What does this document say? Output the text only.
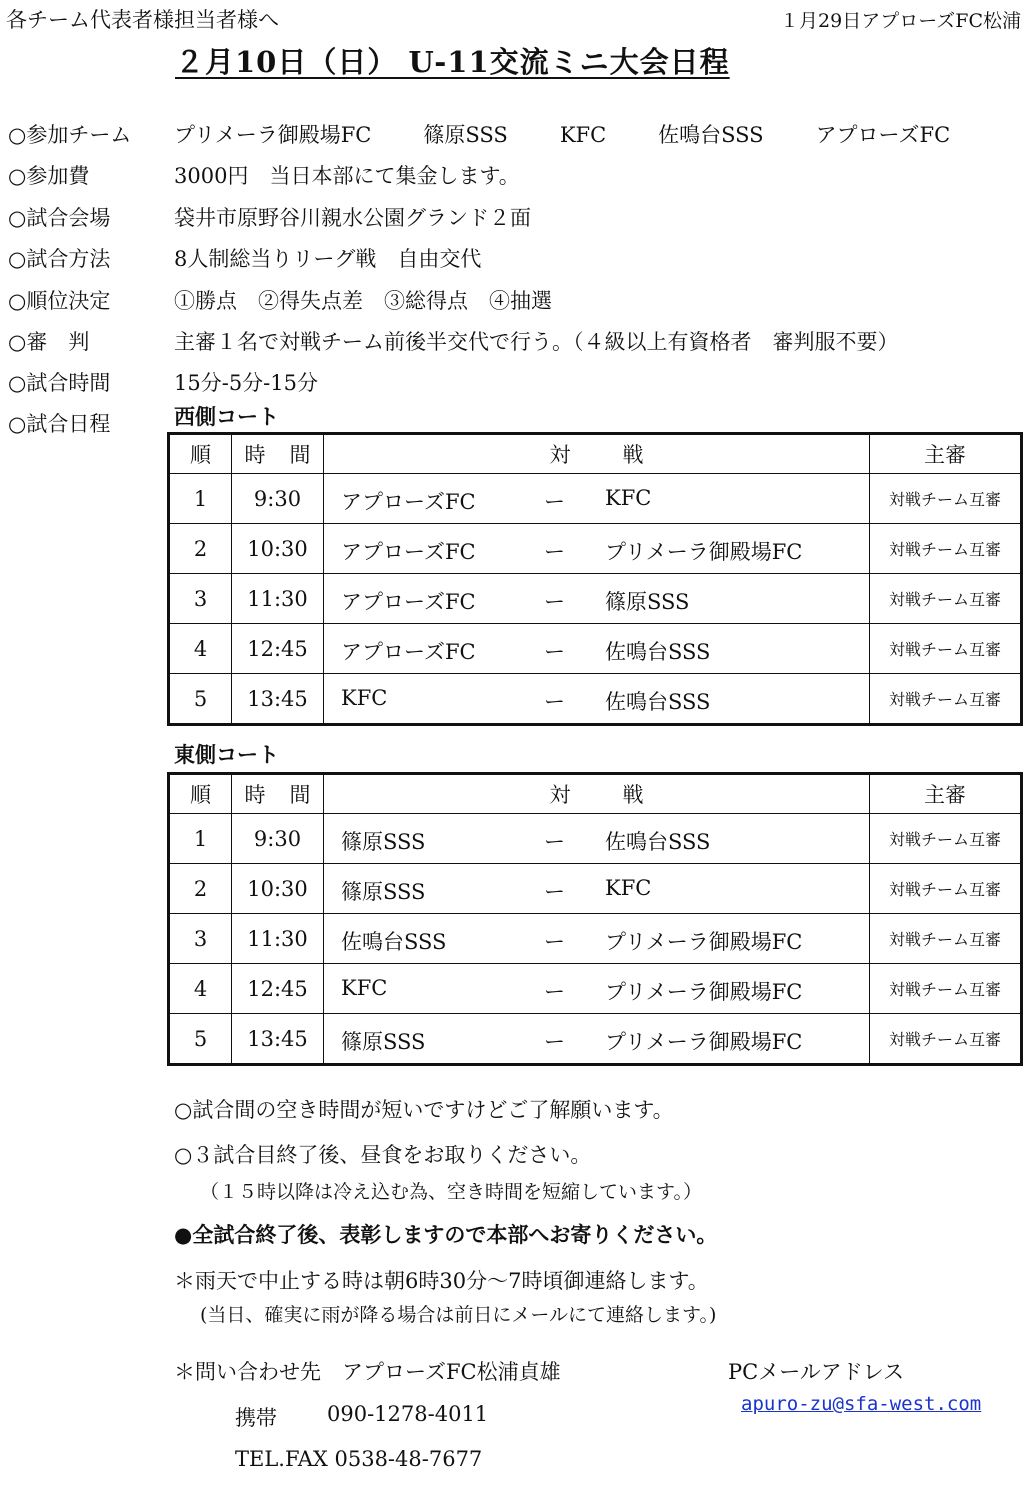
各チーム代表者様担当者様へ	１月29日アプローズFC松浦
２月10日（日） U-11交流ミニ大会日程
○参加チーム プリメーラ御殿場FC 篠原SSS KFC 佐鳴台SSS アプローズFC
○参加費	3000円　当日本部にて集金します。
○試合会場	袋井市原野谷川親水公園グランド２面
○試合方法	8人制総当りリーグ戦　自由交代
○順位決定	①勝点　②得失点差　③総得点　④抽選
○審　判	主審１名で対戦チーム前後半交代で行う。（４級以上有資格者　審判服不要）
○試合時間	15分-5分-15分
○試合日程	西側コート
順	時 間	対 戦	主審
1	9:30	アプローズFC ー KFC	対戦チーム互審
2	10:30	アプローズFC ー プリメーラ御殿場FC	対戦チーム互審
3	11:30	アプローズFC ー 篠原SSS	対戦チーム互審
4	12:45	アプローズFC ー 佐鳴台SSS	対戦チーム互審
5	13:45	KFC ー 佐鳴台SSS	対戦チーム互審
東側コート
順	時 間	対 戦	主審
1	9:30	篠原SSS ー 佐鳴台SSS	対戦チーム互審
2	10:30	篠原SSS ー KFC	対戦チーム互審
3	11:30	佐鳴台SSS ー プリメーラ御殿場FC	対戦チーム互審
4	12:45	KFC ー プリメーラ御殿場FC	対戦チーム互審
5	13:45	篠原SSS ー プリメーラ御殿場FC	対戦チーム互審
○試合間の空き時間が短いですけどご了解願います。
○３試合目終了後、昼食をお取りください。
（１５時以降は冷え込む為、空き時間を短縮しています。）
●全試合終了後、表彰しますので本部へお寄りください。
＊雨天で中止する時は朝6時30分～7時頃御連絡します。
(当日、確実に雨が降る場合は前日にメールにて連絡します。)
＊問い合わせ先　アプローズFC松浦貞雄
携帯 090-1278-4011
TEL.FAX 0538-48-7677
PCメールアドレス
apuro-zu@sfa-west.com
